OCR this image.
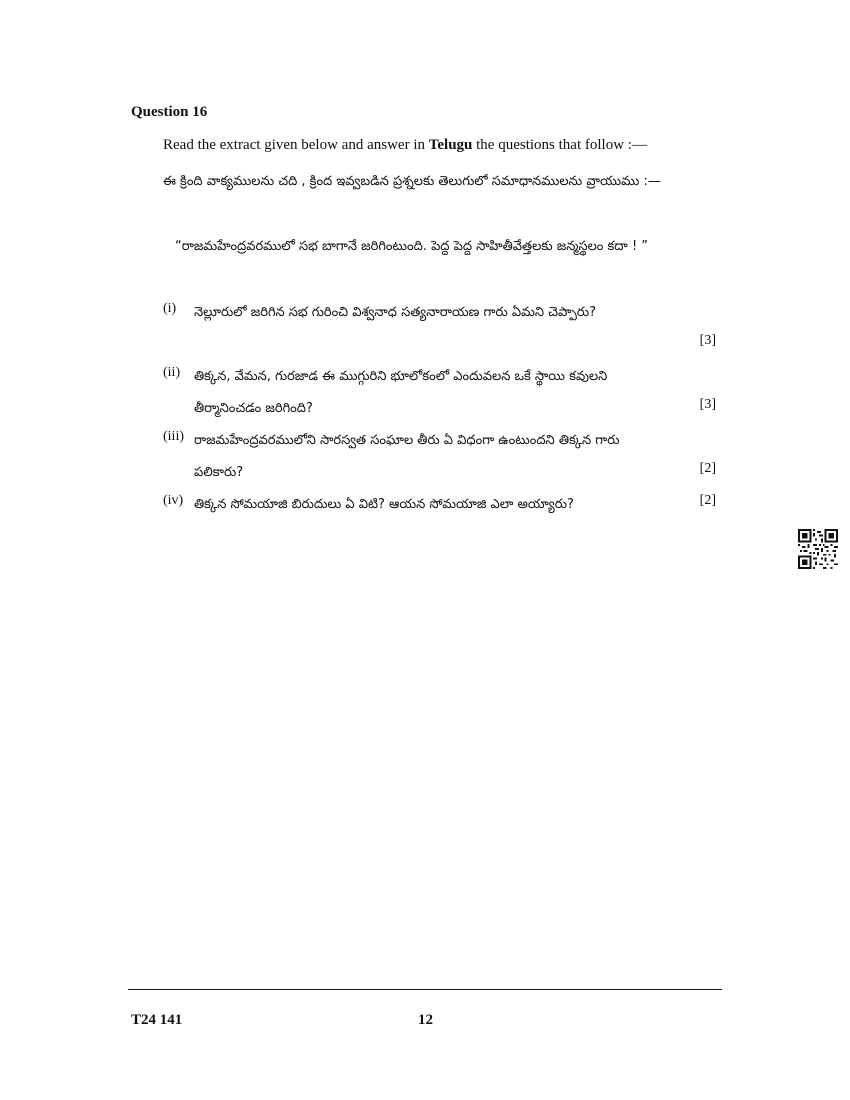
Question 16
Read the extract given below and answer in Telugu the questions that follow :—
ఈ క్రింది వాక్యములను చది , క్రింద ఇవ్వబడిన ప్రశ్నలకు తెలుగులో సమాధానములను వ్రాయుము :—
“రాజమహేంద్రవరములో సభ బాగానే జరిగింటుంది. పెద్ద పెద్ద సాహితీవేత్తలకు జన్మస్థలం కదా ! ”
(i) నెల్లూరులో జరిగిన సభ గురించి విశ్వనాధ సత్యనారాయణ గారు ఏమని చెప్పారు?
[3]
(ii) తిక్కన, వేమన, గురజాడ ఈ ముగ్గురిని భూలోకంలో ఎందువలన ఒకే స్థాయి కవులని తీర్మానించడం జరిగింది?	[3]
(iii) రాజమహేంద్రవరములోని సారస్వత సంఘాల తీరు ఏ విధంగా ఉంటుందని తిక్కన గారు పలికారు?	[2]
(iv) తిక్కన సోమయాజి బిరుదులు ఏ విటి? ఆయన సోమయాజి ఎలా అయ్యారు?	[2]
T24 141	12
